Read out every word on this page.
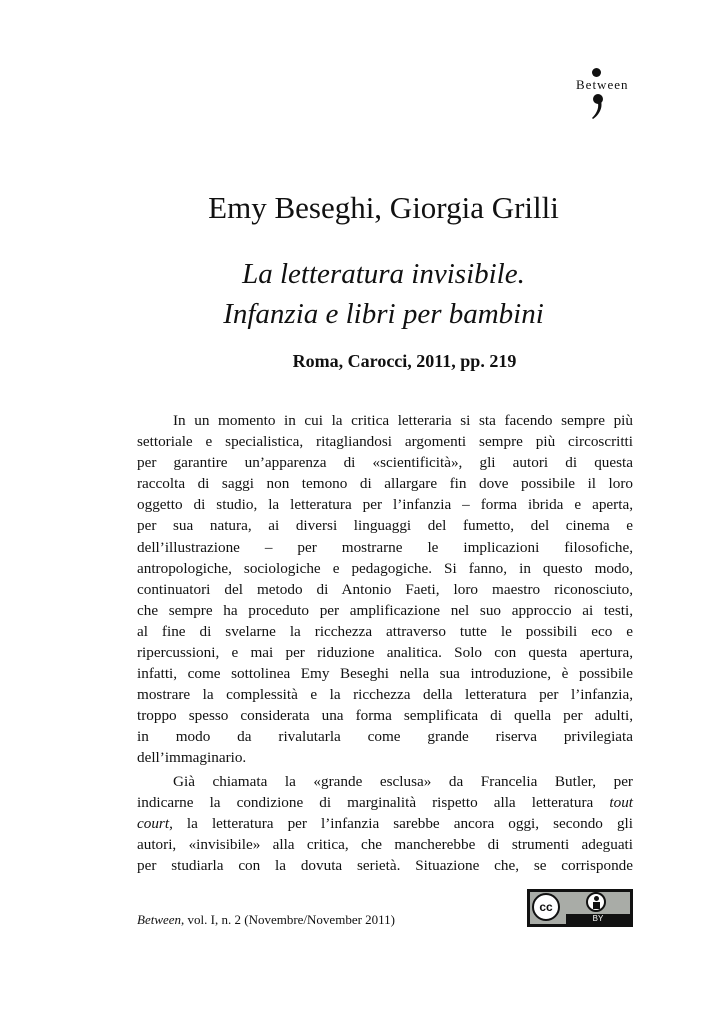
Between
Emy Beseghi, Giorgia Grilli
La letteratura invisibile.
Infanzia e libri per bambini
Roma, Carocci, 2011, pp. 219
In un momento in cui la critica letteraria si sta facendo sempre più
settoriale e specialistica, ritagliandosi argomenti sempre più circoscritti
per garantire un’apparenza di «scientificità», gli autori di questa
raccolta di saggi non temono di allargare fin dove possibile il loro
oggetto di studio, la letteratura per l’infanzia – forma ibrida e aperta,
per sua natura, ai diversi linguaggi del fumetto, del cinema e
dell’illustrazione – per mostrarne le implicazioni filosofiche,
antropologiche, sociologiche e pedagogiche. Si fanno, in questo modo,
continuatori del metodo di Antonio Faeti, loro maestro riconosciuto,
che sempre ha proceduto per amplificazione nel suo approccio ai testi,
al fine di svelarne la ricchezza attraverso tutte le possibili eco e
ripercussioni, e mai per riduzione analitica. Solo con questa apertura,
infatti, come sottolinea Emy Beseghi nella sua introduzione, è possibile
mostrare la complessità e la ricchezza della letteratura per l’infanzia,
troppo spesso considerata una forma semplificata di quella per adulti,
in modo da rivalutarla come grande riserva privilegiata
dell’immaginario.
Già chiamata la «grande esclusa» da Francelia Butler, per
indicarne la condizione di marginalità rispetto alla letteratura tout
court, la letteratura per l’infanzia sarebbe ancora oggi, secondo gli
autori, «invisibile» alla critica, che mancherebbe di strumenti adeguati
per studiarla con la dovuta serietà. Situazione che, se corrisponde
Between, vol. I, n. 2 (Novembre/November 2011)
cc
BY
